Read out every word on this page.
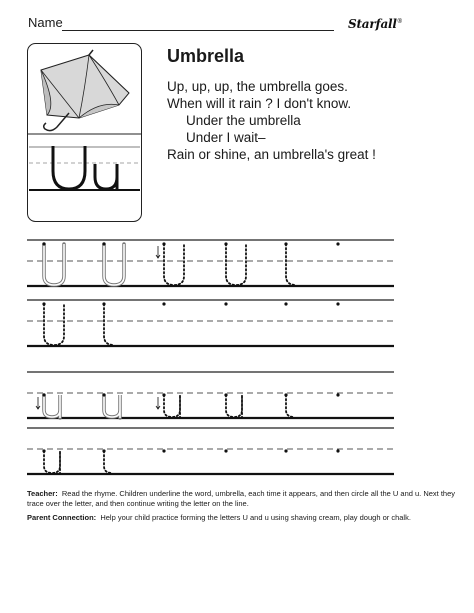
Name	Starfall®
Umbrella
Up, up, up, the umbrella goes.
When will it rain ? I don't know.
Under the umbrella
Under I wait–
Rain or shine, an umbrella's great !

Teacher: Read the rhyme. Children underline the word, umbrella, each time it appears, and then circle all the U and u. Next they trace over the letter, and then continue writing the letter on the line.

Parent Connection: Help your child practice forming the letters U and u using shaving cream, play dough or chalk.
